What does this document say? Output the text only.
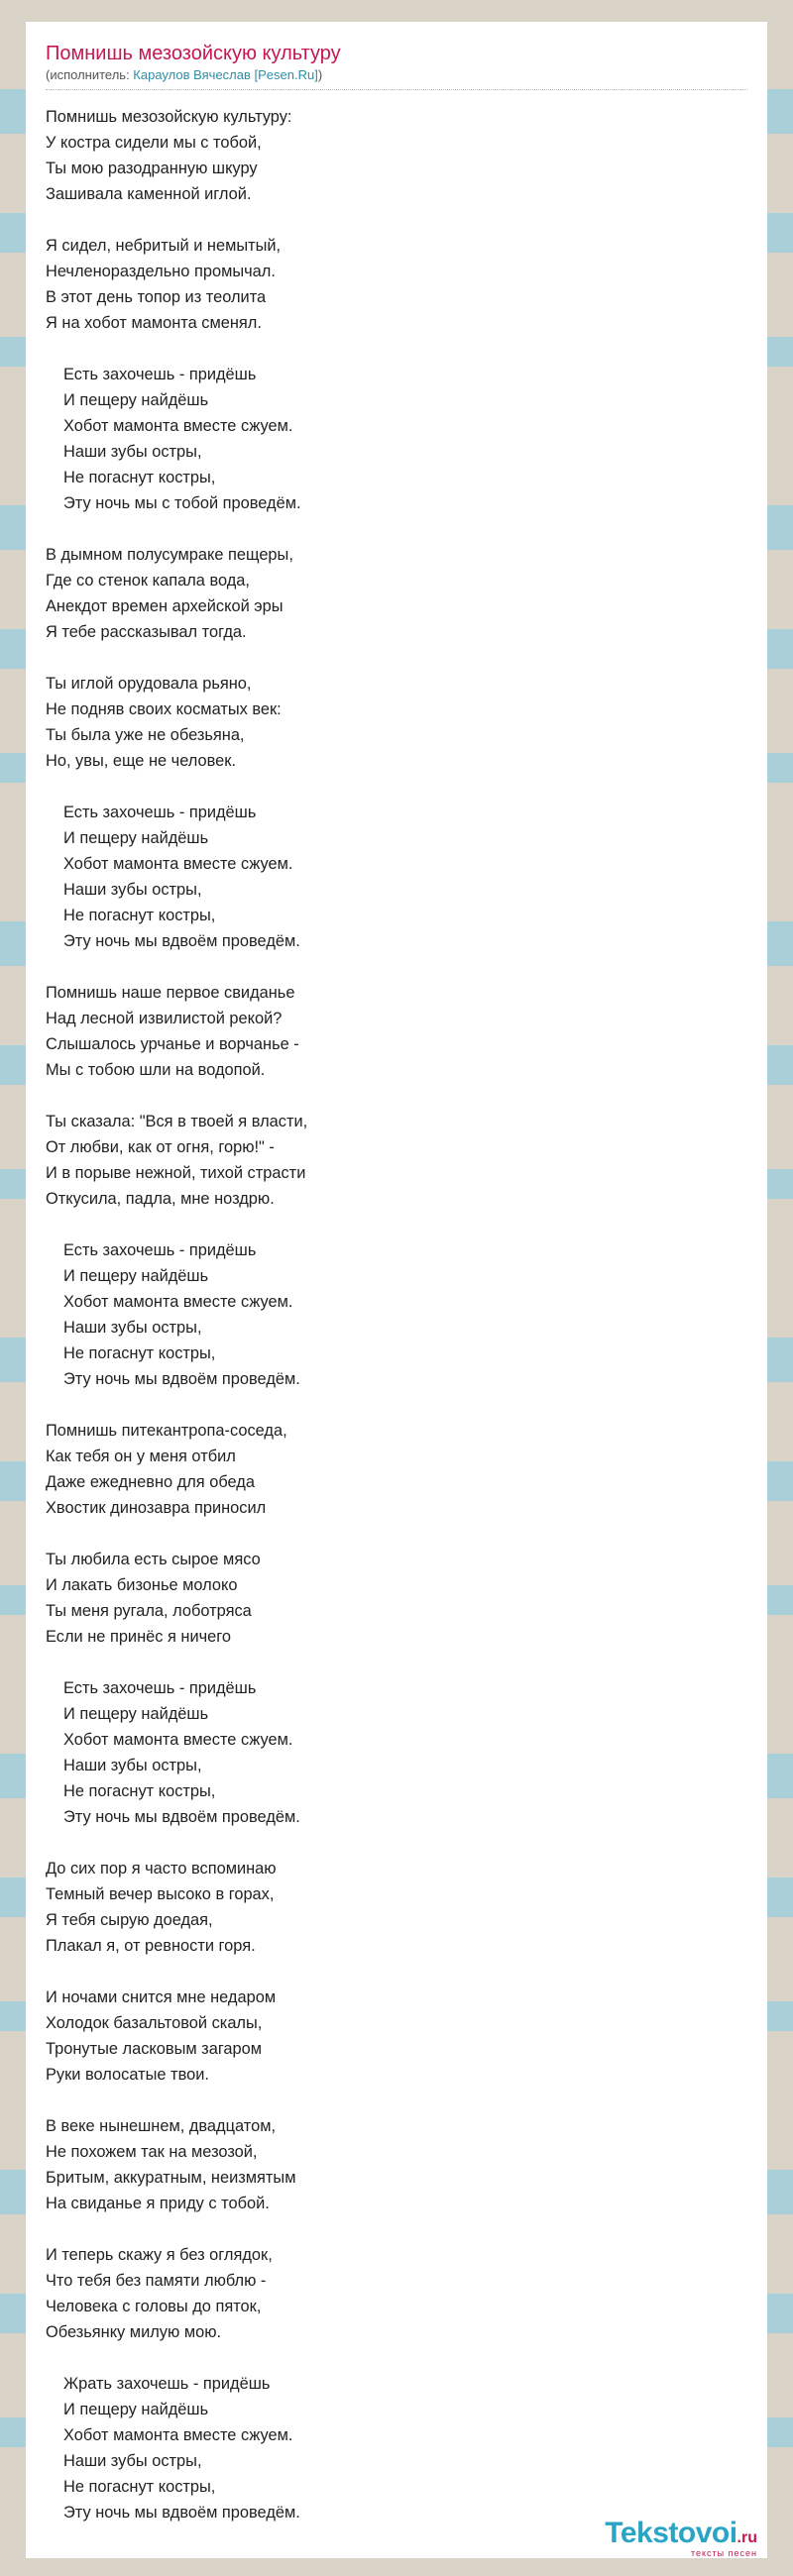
Помнишь мезозойскую культуру
(исполнитель: Караулов Вячеслав [Pesen.Ru])
Помнишь мезозойскую культуру:
У костра сидели мы с тобой,
Ты мою разодранную шкуру
Зашивала каменной иглой.
Я сидел, небритый и немытый,
Нечленораздельно промычал.
В этот день топор из теолита
Я на хобот мамонта сменял.
Есть захочешь - придёшь
И пещеру найдёшь
Хобот мамонта вместе сжуем.
Наши зубы остры,
Не погаснут костры,
Эту ночь мы с тобой проведём.
В дымном полусумраке пещеры,
Где со стенок капала вода,
Анекдот времен архейской эры
Я тебе рассказывал тогда.
Ты иглой орудовала рьяно,
Не подняв своих косматых век:
Ты была уже не обезьяна,
Но, увы, еще не человек.
Есть захочешь - придёшь
И пещеру найдёшь
Хобот мамонта вместе сжуем.
Наши зубы остры,
Не погаснут костры,
Эту ночь мы вдвоём проведём.
Помнишь наше первое свиданье
Над лесной извилистой рекой?
Слышалось урчанье и ворчанье -
Мы с тобою шли на водопой.
Ты сказала: "Вся в твоей я власти,
От любви, как от огня, горю!" -
И в порыве нежной, тихой страсти
Откусила, падла, мне ноздрю.
Есть захочешь - придёшь
И пещеру найдёшь
Хобот мамонта вместе сжуем.
Наши зубы остры,
Не погаснут костры,
Эту ночь мы вдвоём проведём.
Помнишь питекантропа-соседа,
Как тебя он у меня отбил
Даже ежедневно для обеда
Хвостик динозавра приносил
Ты любила есть сырое мясо
И лакать бизонье молоко
Ты меня ругала, лоботряса
Если не принёс я ничего
Есть захочешь - придёшь
И пещеру найдёшь
Хобот мамонта вместе сжуем.
Наши зубы остры,
Не погаснут костры,
Эту ночь мы вдвоём проведём.
До сих пор я часто вспоминаю
Темный вечер высоко в горах,
Я тебя сырую доедая,
Плакал я, от ревности горя.
И ночами снится мне недаром
Холодок базальтовой скалы,
Тронутые ласковым загаром
Руки волосатые твои.
В веке нынешнем, двадцатом,
Не похожем так на мезозой,
Бритым, аккуратным, неизмятым
На свиданье я приду с тобой.
И теперь скажу я без оглядок,
Что тебя без памяти люблю -
Человека с головы до пяток,
Обезьянку милую мою.
Жрать захочешь - придёшь
И пещеру найдёшь
Хобот мамонта вместе сжуем.
Наши зубы остры,
Не погаснут костры,
Эту ночь мы вдвоём проведём.
Tekstovoi.ru
тексты песен
